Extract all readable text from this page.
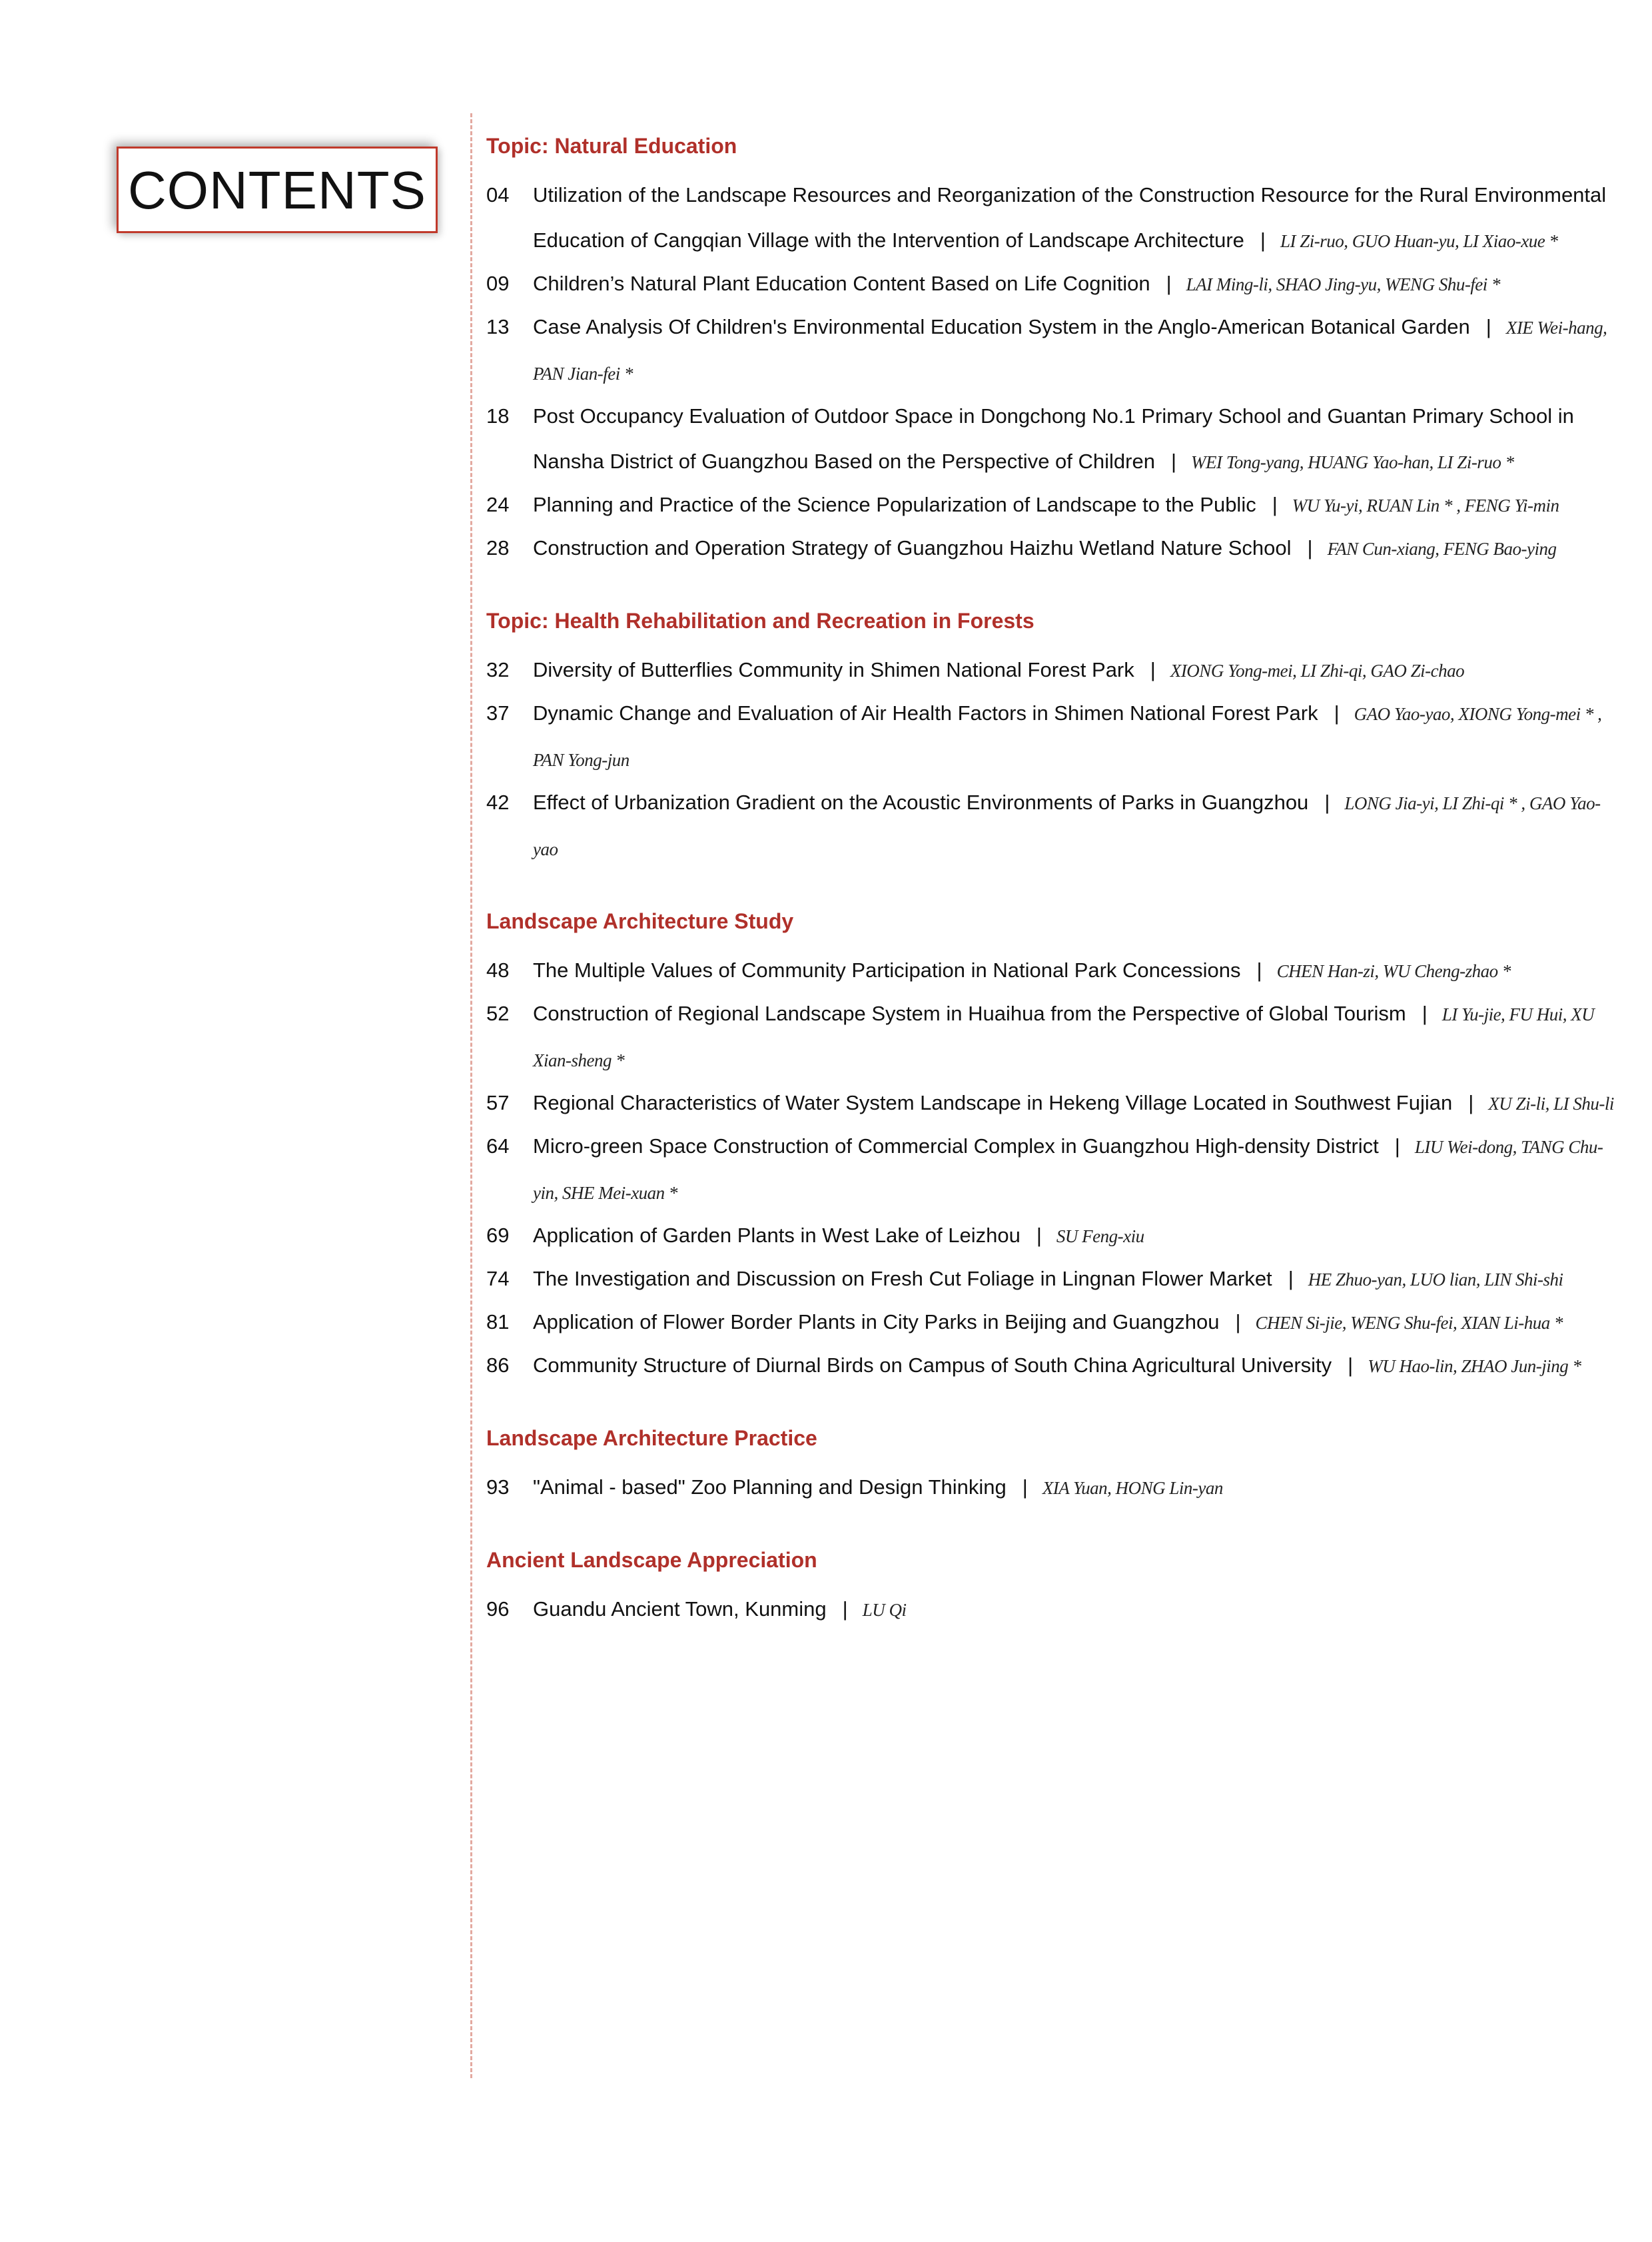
CONTENTS
Topic: Natural Education
04 Utilization of the Landscape Resources and Reorganization of the Construction Resource for the Rural Environmental Education of Cangqian Village with the Intervention of Landscape Architecture | LI Zi-ruo, GUO Huan-yu, LI Xiao-xue *
09 Children’s Natural Plant Education Content Based on Life Cognition | LAI Ming-li, SHAO Jing-yu, WENG Shu-fei *
13 Case Analysis Of Children's Environmental Education System in the Anglo-American Botanical Garden | XIE Wei-hang, PAN Jian-fei *
18 Post Occupancy Evaluation of Outdoor Space in Dongchong No.1 Primary School and Guantan Primary School in Nansha District of Guangzhou Based on the Perspective of Children | WEI Tong-yang, HUANG Yao-han, LI Zi-ruo *
24 Planning and Practice of the Science Popularization of Landscape to the Public | WU Yu-yi, RUAN Lin * , FENG Yi-min
28 Construction and Operation Strategy of Guangzhou Haizhu Wetland Nature School | FAN Cun-xiang, FENG Bao-ying
Topic: Health Rehabilitation and Recreation in Forests
32 Diversity of Butterflies Community in Shimen National Forest Park | XIONG Yong-mei, LI Zhi-qi, GAO Zi-chao
37 Dynamic Change and Evaluation of Air Health Factors in Shimen National Forest Park | GAO Yao-yao, XIONG Yong-mei * , PAN Yong-jun
42 Effect of Urbanization Gradient on the Acoustic Environments of Parks in Guangzhou | LONG Jia-yi, LI Zhi-qi * , GAO Yao-yao
Landscape Architecture Study
48 The Multiple Values of Community Participation in National Park Concessions | CHEN Han-zi, WU Cheng-zhao *
52 Construction of Regional Landscape System in Huaihua from the Perspective of Global Tourism | LI Yu-jie, FU Hui, XU Xian-sheng *
57 Regional Characteristics of Water System Landscape in Hekeng Village Located in Southwest Fujian | XU Zi-li, LI Shu-li
64 Micro-green Space Construction of Commercial Complex in Guangzhou High-density District | LIU Wei-dong, TANG Chu-yin, SHE Mei-xuan *
69 Application of Garden Plants in West Lake of Leizhou | SU Feng-xiu
74 The Investigation and Discussion on Fresh Cut Foliage in Lingnan Flower Market | HE Zhuo-yan, LUO lian, LIN Shi-shi
81 Application of Flower Border Plants in City Parks in Beijing and Guangzhou | CHEN Si-jie, WENG Shu-fei, XIAN Li-hua *
86 Community Structure of Diurnal Birds on Campus of South China Agricultural University | WU Hao-lin, ZHAO Jun-jing *
Landscape Architecture Practice
93 "Animal - based" Zoo Planning and Design Thinking | XIA Yuan, HONG Lin-yan
Ancient Landscape Appreciation
96 Guandu Ancient Town, Kunming | LU Qi
